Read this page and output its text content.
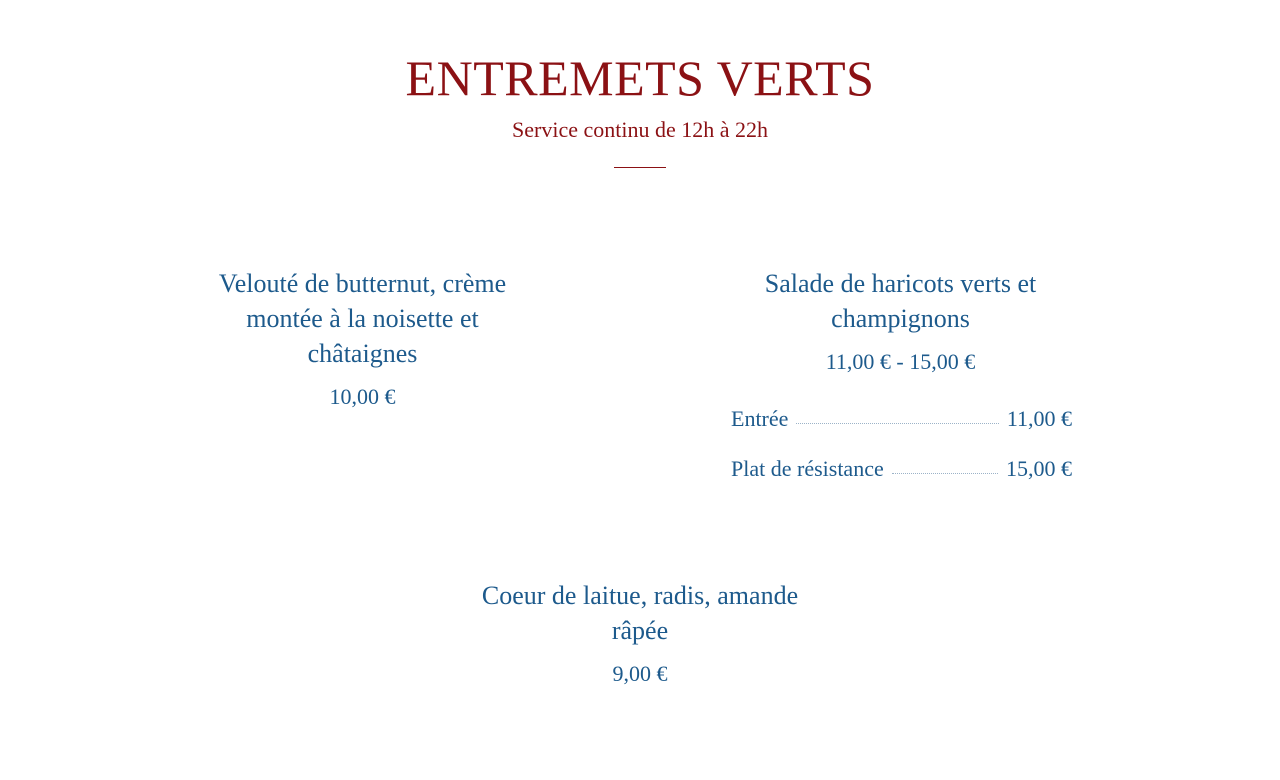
ENTREMETS VERTS
Service continu de 12h à 22h
Velouté de butternut, crème montée à la noisette et châtaignes
10,00 €
Salade de haricots verts et champignons
11,00 € - 15,00 €
Entrée	11,00 €
Plat de résistance	15,00 €
Coeur de laitue, radis, amande râpée
9,00 €
